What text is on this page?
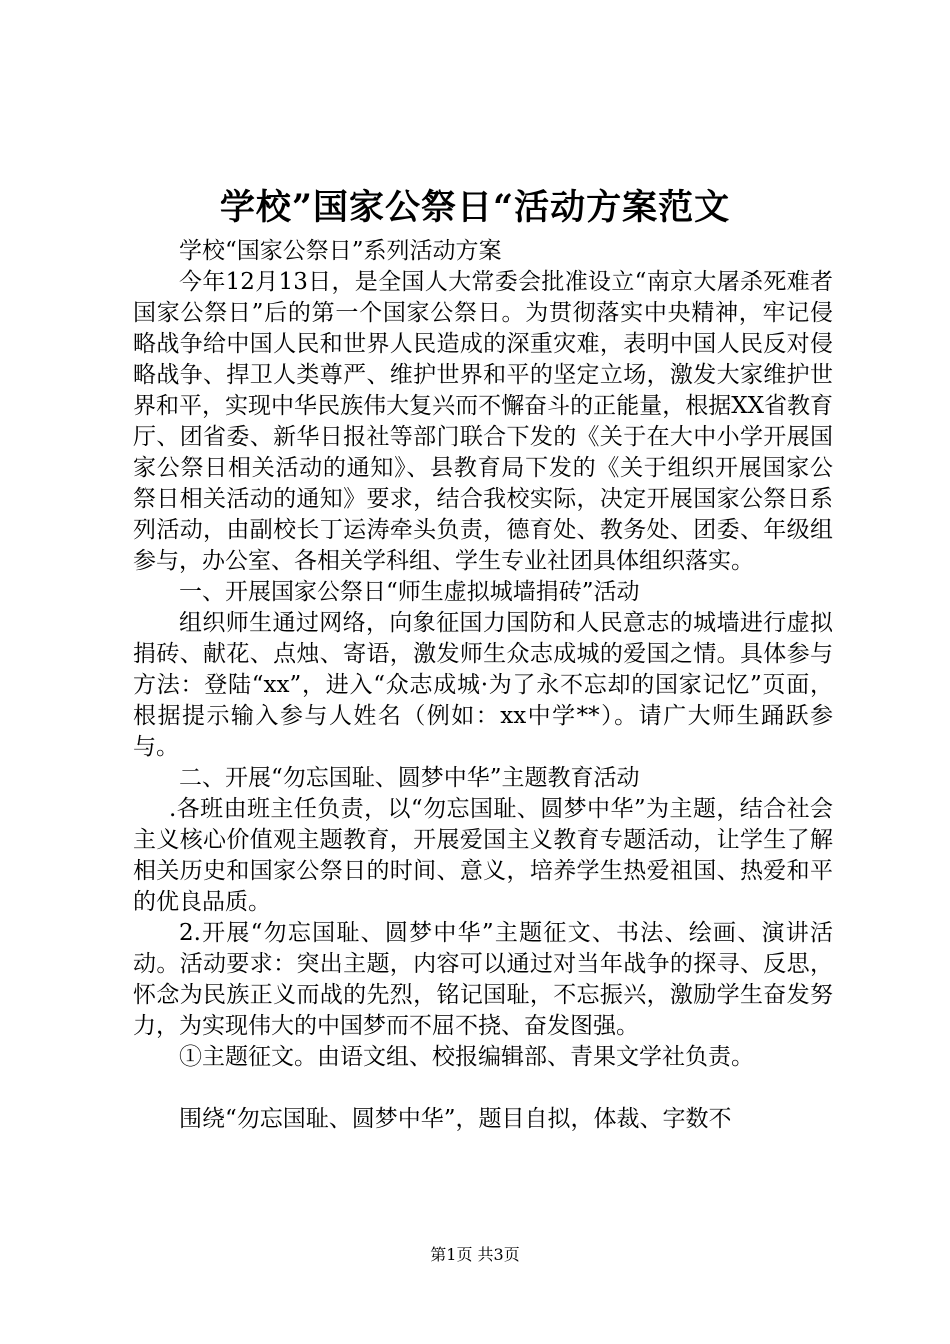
学校”国家公祭日“活动方案范文

学校“国家公祭日”系列活动方案

今年12月13日，是全国人大常委会批准设立“南京大屠杀死难者国家公祭日”后的第一个国家公祭日。为贯彻落实中央精神，牢记侵略战争给中国人民和世界人民造成的深重灾难，表明中国人民反对侵略战争、捍卫人类尊严、维护世界和平的坚定立场，激发大家维护世界和平，实现中华民族伟大复兴而不懈奋斗的正能量，根据XX省教育厅、团省委、新华日报社等部门联合下发的《关于在大中小学开展国家公祭日相关活动的通知》、县教育局下发的《关于组织开展国家公祭日相关活动的通知》要求，结合我校实际，决定开展国家公祭日系列活动，由副校长丁运涛牵头负责，德育处、教务处、团委、年级组参与，办公室、各相关学科组、学生专业社团具体组织落实。

一、开展国家公祭日“师生虚拟城墙捐砖”活动

组织师生通过网络，向象征国力国防和人民意志的城墙进行虚拟捐砖、献花、点烛、寄语，激发师生众志成城的爱国之情。具体参与方法：登陆“xx”，进入“众志成城·为了永不忘却的国家记忆”页面，根据提示输入参与人姓名（例如：xx中学**）。请广大师生踊跃参与。

二、开展“勿忘国耻、圆梦中华”主题教育活动

.各班由班主任负责，以“勿忘国耻、圆梦中华”为主题，结合社会主义核心价值观主题教育，开展爱国主义教育专题活动，让学生了解相关历史和国家公祭日的时间、意义，培养学生热爱祖国、热爱和平的优良品质。

2.开展“勿忘国耻、圆梦中华”主题征文、书法、绘画、演讲活动。活动要求：突出主题，内容可以通过对当年战争的探寻、反思，怀念为民族正义而战的先烈，铭记国耻，不忘振兴，激励学生奋发努力，为实现伟大的中国梦而不屈不挠、奋发图强。

①主题征文。由语文组、校报编辑部、青果文学社负责。

围绕“勿忘国耻、圆梦中华”，题目自拟，体裁、字数不

第1页 共3页
